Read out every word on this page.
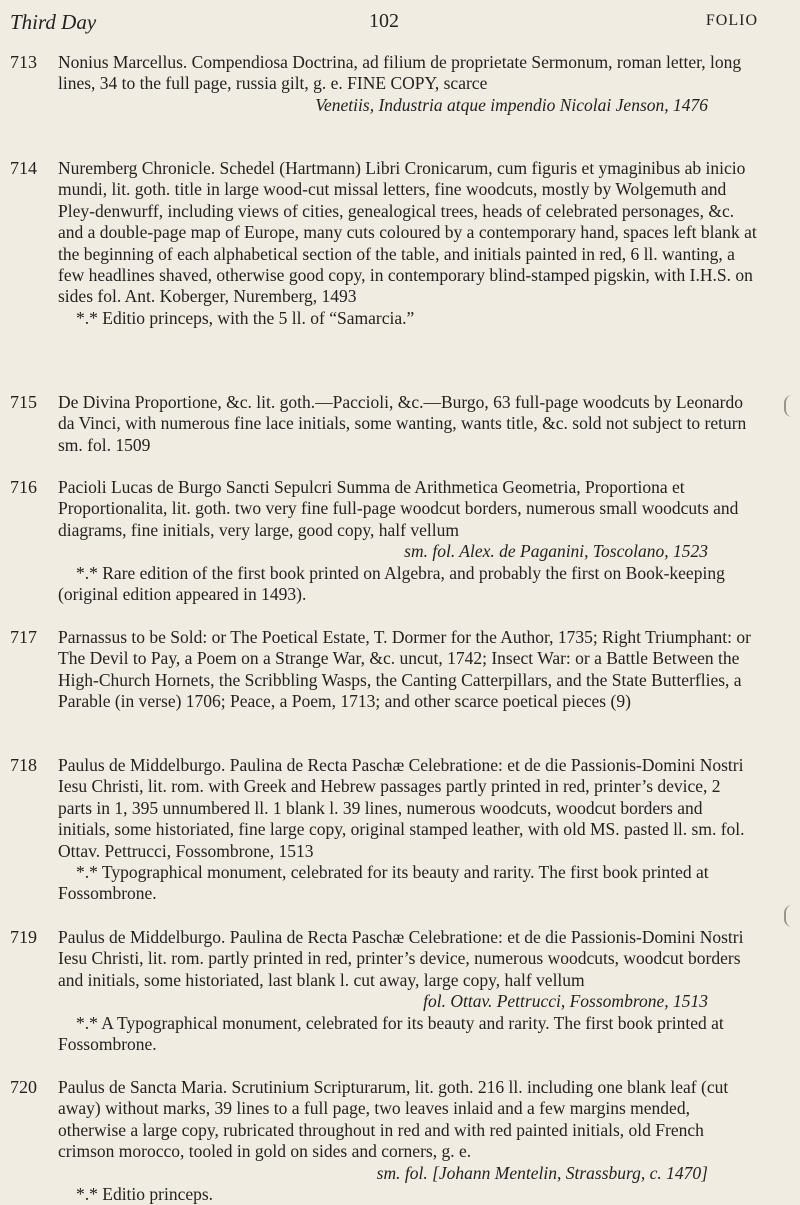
Third Day	102	FOLIO
713 Nonius Marcellus. Compendiosa Doctrina, ad filium de proprietate Sermonum, roman letter, long lines, 34 to the full page, russia gilt, g. e. FINE COPY, scarce
Venetiis, Industria atque impendio Nicolai Jenson, 1476
714 Nuremberg Chronicle. Schedel (Hartmann) Libri Cronicarum, cum figuris et ymaginibus ab inicio mundi, lit. goth. title in large wood-cut missal letters, fine woodcuts, mostly by Wolgemuth and Pley-denwurff, including views of cities, genealogical trees, heads of celebrated personages, &c. and a double-page map of Europe, many cuts coloured by a contemporary hand, spaces left blank at the beginning of each alphabetical section of the table, and initials painted in red, 6 ll. wanting, a few headlines shaved, otherwise good copy, in contemporary blind-stamped pigskin, with I.H.S. on sides fol. Ant. Koberger, Nuremberg, 1493
*.* Editio princeps, with the 5 ll. of “Samarcia.”
715 De Divina Proportione, &c. lit. goth.—Paccioli, &c.—Burgo, 63 full-page woodcuts by Leonardo da Vinci, with numerous fine lace initials, some wanting, wants title, &c. sold not subject to return sm. fol. 1509
716 Pacioli Lucas de Burgo Sancti Sepulcri Summa de Arithmetica Geometria, Proportiona et Proportionalita, lit. goth. two very fine full-page woodcut borders, numerous small woodcuts and diagrams, fine initials, very large, good copy, half vellum
sm. fol. Alex. de Paganini, Toscolano, 1523
*.* Rare edition of the first book printed on Algebra, and probably the first on Book-keeping (original edition appeared in 1493).
717 Parnassus to be Sold: or The Poetical Estate, T. Dormer for the Author, 1735; Right Triumphant: or The Devil to Pay, a Poem on a Strange War, &c. uncut, 1742; Insect War: or a Battle Between the High-Church Hornets, the Scribbling Wasps, the Canting Catterpillars, and the State Butterflies, a Parable (in verse) 1706; Peace, a Poem, 1713; and other scarce poetical pieces (9)
718 Paulus de Middelburgo. Paulina de Recta Paschæ Celebratione: et de die Passionis-Domini Nostri Iesu Christi, lit. rom. with Greek and Hebrew passages partly printed in red, printer’s device, 2 parts in 1, 395 unnumbered ll. 1 blank l. 39 lines, numerous woodcuts, woodcut borders and initials, some historiated, fine large copy, original stamped leather, with old MS. pasted ll. sm. fol. Ottav. Pettrucci, Fossombrone, 1513
*.* Typographical monument, celebrated for its beauty and rarity. The first book printed at Fossombrone.
719 Paulus de Middelburgo. Paulina de Recta Paschæ Celebratione: et de die Passionis-Domini Nostri Iesu Christi, lit. rom. partly printed in red, printer’s device, numerous woodcuts, woodcut borders and initials, some historiated, last blank l. cut away, large copy, half vellum
fol. Ottav. Pettrucci, Fossombrone, 1513
*.* A Typographical monument, celebrated for its beauty and rarity. The first book printed at Fossombrone.
720 Paulus de Sancta Maria. Scrutinium Scripturarum, lit. goth. 216 ll. including one blank leaf (cut away) without marks, 39 lines to a full page, two leaves inlaid and a few margins mended, otherwise a large copy, rubricated throughout in red and with red painted initials, old French crimson morocco, tooled in gold on sides and corners, g. e.
sm. fol. [Johann Mentelin, Strassburg, c. 1470]
*.* Editio princeps.
